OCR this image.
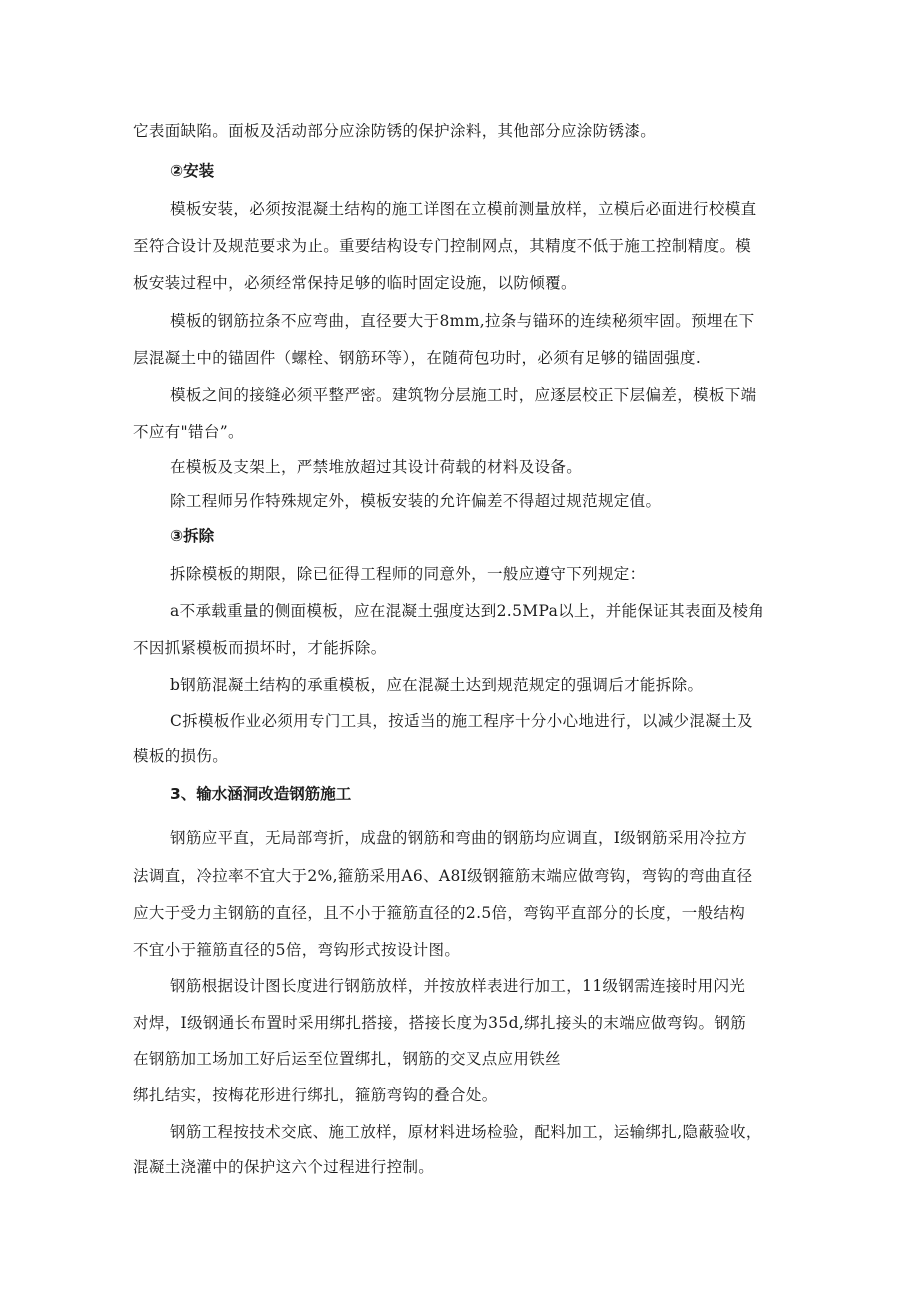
它表面缺陷。面板及活动部分应涂防锈的保护涂料，其他部分应涂防锈漆。
②安装
模板安装，必须按混凝土结构的施工详图在立模前测量放样，立模后必面进行校模直
至符合设计及规范要求为止。重要结构设专门控制网点，其精度不低于施工控制精度。模
板安装过程中，必须经常保持足够的临时固定设施，以防倾覆。
模板的钢筋拉条不应弯曲，直径要大于8mm,拉条与锚环的连续秘须牢固。预埋在下
层混凝土中的锚固件（螺栓、钢筋环等），在随荷包功时，必须有足够的锚固强度.
模板之间的接缝必须平整严密。建筑物分层施工时，应逐层校正下层偏差，模板下端
不应有"错台”。
在模板及支架上，严禁堆放超过其设计荷载的材料及设备。
除工程师另作特殊规定外，模板安装的允许偏差不得超过规范规定值。
③拆除
拆除模板的期限，除已征得工程师的同意外，一般应遵守下列规定：
a不承载重量的侧面模板，应在混凝土强度达到2.5MPa以上，并能保证其表面及棱角
不因抓紧模板而损坏时，才能拆除。
b钢筋混凝土结构的承重模板，应在混凝土达到规范规定的强调后才能拆除。
C拆模板作业必须用专门工具，按适当的施工程序十分小心地进行，以减少混凝土及
模板的损伤。
3、输水涵洞改造钢筋施工
钢筋应平直，无局部弯折，成盘的钢筋和弯曲的钢筋均应调直，I级钢筋采用冷拉方
法调直，冷拉率不宜大于2%,箍筋采用A6、A8I级钢箍筋末端应做弯钩，弯钩的弯曲直径
应大于受力主钢筋的直径，且不小于箍筋直径的2.5倍，弯钩平直部分的长度，一般结构
不宜小于箍筋直径的5倍，弯钩形式按设计图。
钢筋根据设计图长度进行钢筋放样，并按放样表进行加工，11级钢需连接时用闪光
对焊，I级钢通长布置时采用绑扎搭接，搭接长度为35d,绑扎接头的末端应做弯钩。钢筋
在钢筋加工场加工好后运至位置绑扎，钢筋的交叉点应用铁丝
绑扎结实，按梅花形进行绑扎，箍筋弯钩的叠合处。
钢筋工程按技术交底、施工放样，原材料进场检验，配料加工，运输绑扎,隐蔽验收，
混凝土浇灌中的保护这六个过程进行控制。
